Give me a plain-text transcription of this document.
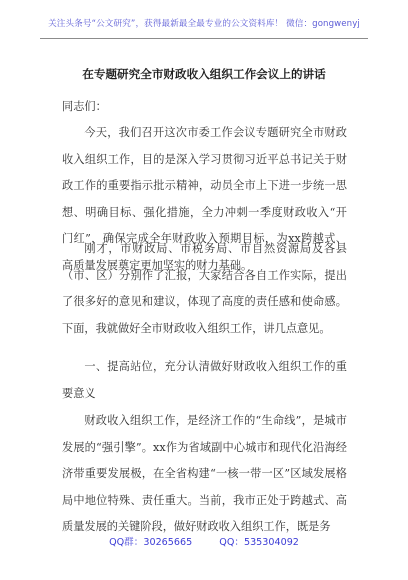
关注头条号“公文研究”，获得最新最全最专业的公文资料库！ 微信：gongwenyj
在专题研究全市财政收入组织工作会议上的讲话
同志们：

今天，我们召开这次市委工作会议专题研究全市财政收入组织工作，目的是深入学习贯彻习近平总书记关于财政工作的重要指示批示精神，动员全市上下进一步统一思想、明确目标、强化措施，全力冲刺一季度财政收入“开门红”，确保完成全年财政收入预期目标，为xx跨越式、高质量发展奠定更加坚实的财力基础。

刚才，市财政局、市税务局、市自然资源局及各县（市、区）分别作了汇报，大家结合各自工作实际，提出了很多好的意见和建议，体现了高度的责任感和使命感。下面，我就做好全市财政收入组织工作，讲几点意见。

一、提高站位，充分认清做好财政收入组织工作的重要意义

财政收入组织工作，是经济工作的“生命线”，是城市发展的“强引擎”。xx作为省域副中心城市和现代化沿海经济带重要发展极，在全省构建“一核一带一区”区域发展格局中地位特殊、责任重大。当前，我市正处于跨越式、高质量发展的关键阶段，做好财政收入组织工作，既是务

QQ群：30265665	QQ：535304092
